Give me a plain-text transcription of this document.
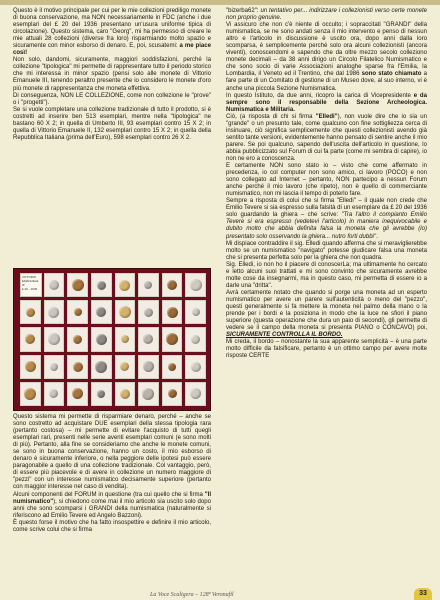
Questo è il motivo principale per cui per le mie collezioni prediligo monete di buona conservazione, ma NON necessariamente in FDC (anche i due esemplari del £ 20 del 1936 presentano un'usura uniforme tipica di circolazione). Questo sistema, caro "Georg", mi ha permesso di creare le mie attuali 28 collezioni (diverse fra loro) risparmiando molto spazio e sicuramente con minor esborso di denaro. E, poi, scusatemi: a me piace così!

Non solo, dandomi, sicuramente, maggiori soddisfazioni, perché la collezione "tipologica" mi permette di rappresentare tutto il periodo storico che mi interessa in minor spazio (pensi solo alle monete di Vittorio Emanuele III, tenendo peraltro presente che io considero le monete d'oro più monete di rappresentanza che moneta effettiva.

Di conseguenza, NON LE COLLEZIONE, come non collezione le "prove" o i "progetti").

Se si vuole completare una collezione tradizionale di tutto il prodotto, si è costretti ad inserire ben 513 esemplari, mentre nella "tipologica" ne bastano 60 X 2; in quella di Umberto III, 93 esemplari contro 15 X 2; in quella di Vittorio Emanuele II, 132 esemplari contro 15 X 2; in quella della Repubblica Italiana (prima dell'Euro), 598 esemplari contro 26 X 2.

VITTORIO
EMANUELE
III
£ 20 - 1936

Questo sistema mi permette di risparmiare denaro, perché – anche se sono costretto ad acquistare DUE esemplari della stessa tipologia rara (pertanto costosa) – mi permette di evitare l'acquisto di tutti quegli esemplari rari, presenti nelle serie aventi esemplari comuni (e sono molti di più). Pertanto, alla fine se consideriamo che anche le monete comuni, se sono in buona conservazione, hanno un costo, il mio esborso di denaro è sicuramente inferiore, o nella peggiore delle ipotesi può essere paragonabile a quello di una collezione tradizionale. Col vantaggio, però, di essere più piacevole e di avere in collezione un numero maggiore di "pezzi" con un interesse numismatico decisamente superiore (pertanto con maggior interesse nel caso di vendita).

Alcuni componenti del FORUM in questione (tra cui quello che si firma "Il numismatico"), si chiedono come mai il mio articolo sia uscito solo dopo anni che sono scomparsi i GRANDI della numismatica (naturalmente si riferiscono ad Emilio Tevere ed Angelo Bazzoni).

È questo forse il motivo che ha fatto insospettire e definire il mio articolo, come scrive colui che si firma

"bizerba62": un tentativo per... indirizzare i collezionisti verso certe monete non proprio genuine.

Vi assicuro che non c'è niente di occulto; i sopraccitati "GRANDI" della numismatica, se ne sono andati senza il mio intervento e penso di nessun altro e l'articolo in discussione è uscito ora, dopo anni dalla loro scomparsa, è semplicemente perché solo ora alcuni collezionisti (ancora viventi), conoscendomi e sapendo che da oltre mezzo secolo colleziono monete decimali – da 38 anni dirigo un Circolo Filatelico Numismatico e che sono socio di varie Associazioni analoghe sparse fra l'Emilia, la Lombardia, il Veneto ed il Trentino, che dal 1986 sono stato chiamato a fare parte di un Comitato di gestione di un Museo dove, al suo interno, vi è anche una piccola Sezione Numismatica.

In questo Istituto, da due anni, ricopro la carica di Vicepresidente e da sempre sono il responsabile della Sezione Archeologica. Numismatica e Militaria.

Ciò, (a risposta di chi si firma "Elledi"), non vuole dire che io sia un "grande" o un presunto tale, come qualcuno con fine sottigliezza cerca di insinuare, ciò significa semplicemente che questi collezionisti avendo già sentito tante versioni, evidentemente hanno pensato di sentire anche il mio parere. Se poi qualcuno, sapendo dell'uscita dell'articolo in questione, lo abbia pubblicizzato sul Forum di cui fa parte (come mi sembra di capire), io non ne ero a conoscenza.

E certamente NON sono stato io – visto che come affermato in precedenza, io col computer non sono amico, ci lavoro (POCO) e non sono collegato ad Internet – pertanto, NON partecipo a nessun Forum anche perché il mio lavoro (che ripeto), non è quello di commerciante numismatico, non mi lascia il tempo di poterlo fare.

Sempre a risposta di colui che si firma "Elledi" – il quale non crede che Emilio Tevere si sia espresso sulla falsità di un esemplare da £ 20 del 1936 solo guardando la ghiera – che scrive: "Tra l'altro il compianto Emilio Tevere si era espresso (vedetevi l'articolo) in maniera inequivocabile e dubito molto che abbia definita falsa la moneta che gli avrebbe (io) presentato solo osservando la ghiera... nutro forti dubbi".

Mi dispiace contraddire il sig. Elledi quando afferma che si meraviglierebbe molto se un numismatico "navigato" potesse giudicare falsa una moneta che si presenta perfetta solo per la ghiera che non quadra.

Sig. Elledi, io non ho il piacere di conoscerLa; ma ultimamente ho cercato e letto alcuni suoi trattati e mi sono convinto che sicuramente avrebbe molte cose da insegnarmi, ma in questo caso, mi permetta di essere io a darle una "dritta".

Avrà certamente notato che quando si porge una moneta ad un esperto numismatico per avere un parere sull'autenticità o meno del "pezzo", questi generalmente si fa mettere la moneta nel palmo della mano o la prende per i bordi e la posiziona in modo che la luce ne sfiori il piano superiore (questa operazione che dura un paio di secondi), gli permette di vedere se il campo della moneta si presenta PIANO o CONCAVO) poi, SICURAMENTE CONTROLLA IL BORDO.

Mi creda, il bordo – nonostante la sua apparente semplicità – è una parte molto difficile da falsificare, pertanto è un ottimo campo per avere molte risposte CERTE

La Voce Scaligera – 128ª Veronafil	33
